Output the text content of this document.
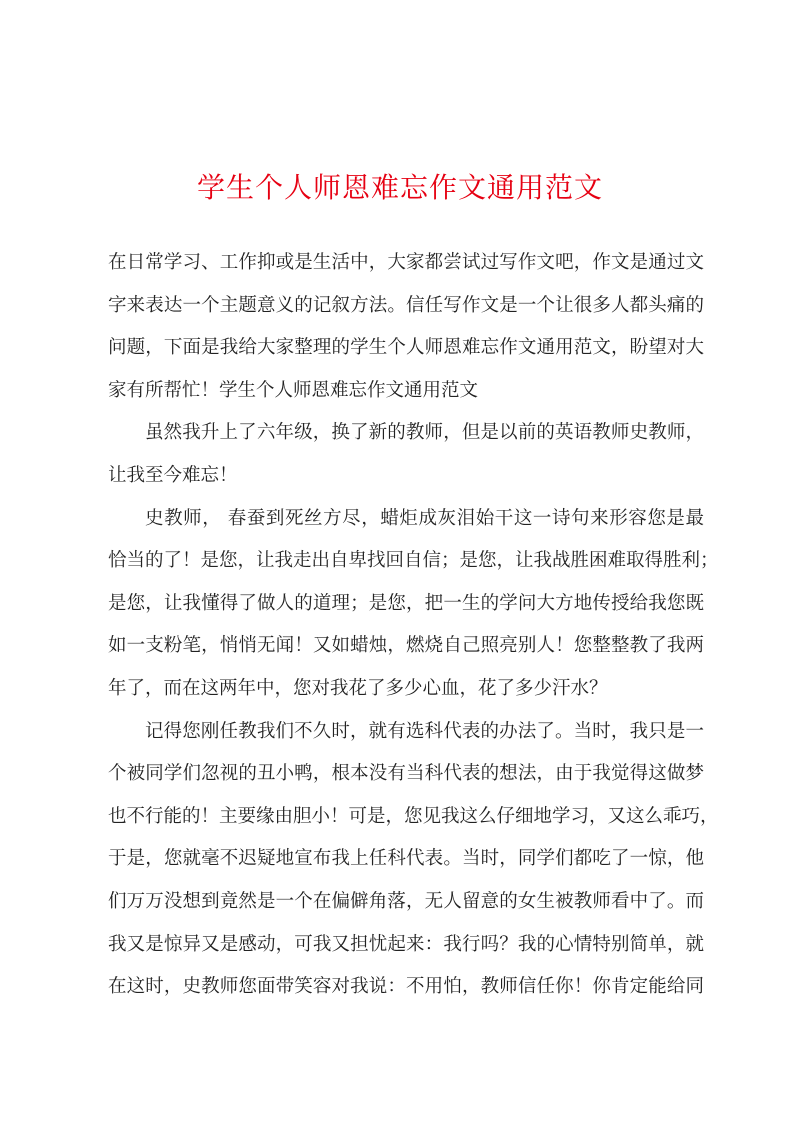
学生个人师恩难忘作文通用范文
在日常学习、工作抑或是生活中，大家都尝试过写作文吧，作文是通过文
字来表达一个主题意义的记叙方法。信任写作文是一个让很多人都头痛的
问题，下面是我给大家整理的学生个人师恩难忘作文通用范文，盼望对大
家有所帮忙！学生个人师恩难忘作文通用范文
虽然我升上了六年级，换了新的教师，但是以前的英语教师史教师，
让我至今难忘！
史教师， 春蚕到死丝方尽，蜡炬成灰泪始干这一诗句来形容您是最
恰当的了！是您，让我走出自卑找回自信；是您，让我战胜困难取得胜利；
是您，让我懂得了做人的道理；是您，把一生的学问大方地传授给我您既
如一支粉笔，悄悄无闻！又如蜡烛，燃烧自己照亮别人！您整整教了我两
年了，而在这两年中，您对我花了多少心血，花了多少汗水？
记得您刚任教我们不久时，就有选科代表的办法了。当时，我只是一
个被同学们忽视的丑小鸭，根本没有当科代表的想法，由于我觉得这做梦
也不行能的！主要缘由胆小！可是，您见我这么仔细地学习，又这么乖巧，
于是，您就毫不迟疑地宣布我上任科代表。当时，同学们都吃了一惊，他
们万万没想到竟然是一个在偏僻角落，无人留意的女生被教师看中了。而
我又是惊异又是感动，可我又担忧起来：我行吗？我的心情特别简单，就
在这时，史教师您面带笑容对我说：不用怕，教师信任你！你肯定能给同
